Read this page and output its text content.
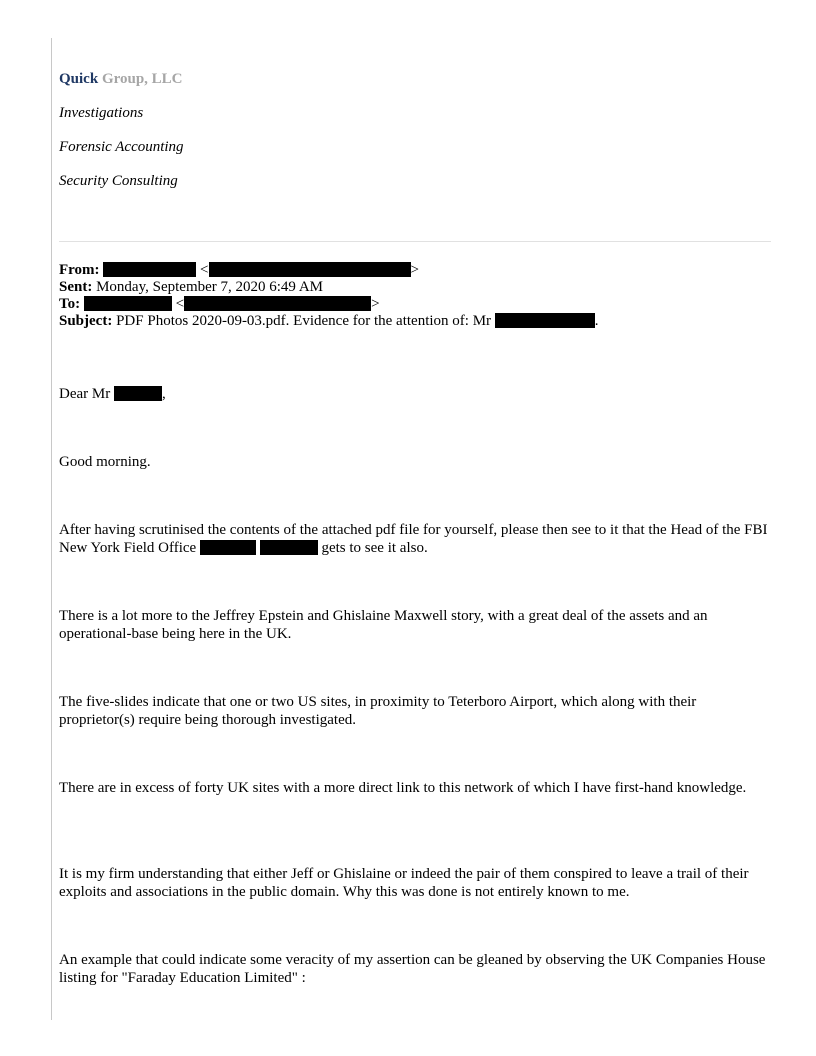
Quick Group, LLC

Investigations

Forensic Accounting

Security Consulting

From:	<	>
Sent: Monday, September 7, 2020 6:49 AM
To:	<	>
Subject: PDF Photos 2020-09-03.pdf. Evidence for the attention of: Mr	.

Dear Mr	,

Good morning.

After having scrutinised the contents of the attached pdf file for yourself, please then see to it that the Head of the FBI New York Field Office	gets to see it also.

There is a lot more to the Jeffrey Epstein and Ghislaine Maxwell story, with a great deal of the assets and an operational-base being here in the UK.

The five-slides indicate that one or two US sites, in proximity to Teterboro Airport, which along with their proprietor(s) require being thorough investigated.

There are in excess of forty UK sites with a more direct link to this network of which I have first-hand knowledge.

It is my firm understanding that either Jeff or Ghislaine or indeed the pair of them conspired to leave a trail of their exploits and associations in the public domain. Why this was done is not entirely known to me.

An example that could indicate some veracity of my assertion can be gleaned by observing the UK Companies House listing for "Faraday Education Limited" :
